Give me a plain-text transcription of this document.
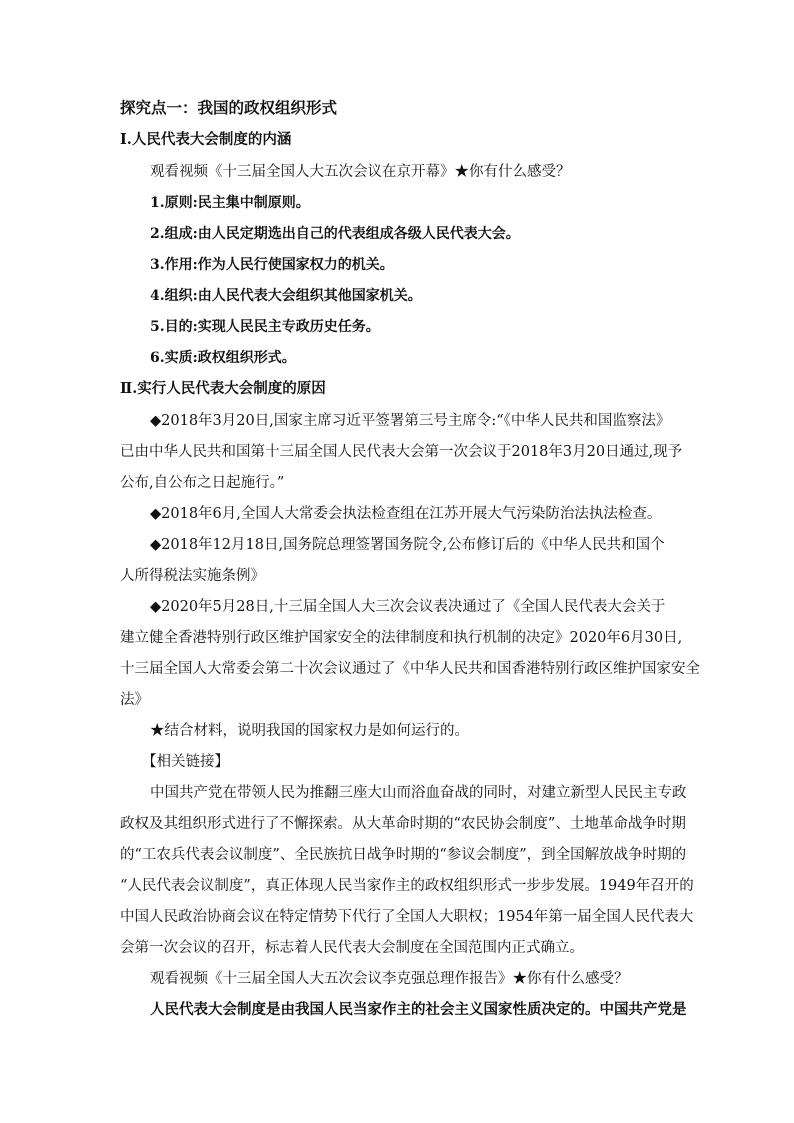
探究点一：我国的政权组织形式
Ⅰ.人民代表大会制度的内涵
观看视频《十三届全国人大五次会议在京开幕》★你有什么感受？
1.原则:民主集中制原则。
2.组成:由人民定期选出自己的代表组成各级人民代表大会。
3.作用:作为人民行使国家权力的机关。
4.组织:由人民代表大会组织其他国家机关。
5.目的:实现人民民主专政历史任务。
6.实质:政权组织形式。
Ⅱ.实行人民代表大会制度的原因
◆2018年3月20日,国家主席习近平签署第三号主席令:“《中华人民共和国监察法》
已由中华人民共和国第十三届全国人民代表大会第一次会议于2018年3月20日通过,现予
公布,自公布之日起施行。”
◆2018年6月,全国人大常委会执法检查组在江苏开展大气污染防治法执法检查。
◆2018年12月18日,国务院总理签署国务院令,公布修订后的《中华人民共和国个
人所得税法实施条例》
◆2020年5月28日,十三届全国人大三次会议表决通过了《全国人民代表大会关于
建立健全香港特别行政区维护国家安全的法律制度和执行机制的决定》2020年6月30日,
十三届全国人大常委会第二十次会议通过了《中华人民共和国香港特别行政区维护国家安全
法》
★结合材料，说明我国的国家权力是如何运行的。
【相关链接】
中国共产党在带领人民为推翻三座大山而浴血奋战的同时，对建立新型人民民主专政
政权及其组织形式进行了不懈探索。从大革命时期的“农民协会制度”、土地革命战争时期
的“工农兵代表会议制度”、全民族抗日战争时期的“参议会制度”，到全国解放战争时期的
“人民代表会议制度”，真正体现人民当家作主的政权组织形式一步步发展。1949年召开的
中国人民政治协商会议在特定情势下代行了全国人大职权；1954年第一届全国人民代表大
会第一次会议的召开，标志着人民代表大会制度在全国范围内正式确立。
观看视频《十三届全国人大五次会议李克强总理作报告》★你有什么感受？
人民代表大会制度是由我国人民当家作主的社会主义国家性质决定的。中国共产党是
